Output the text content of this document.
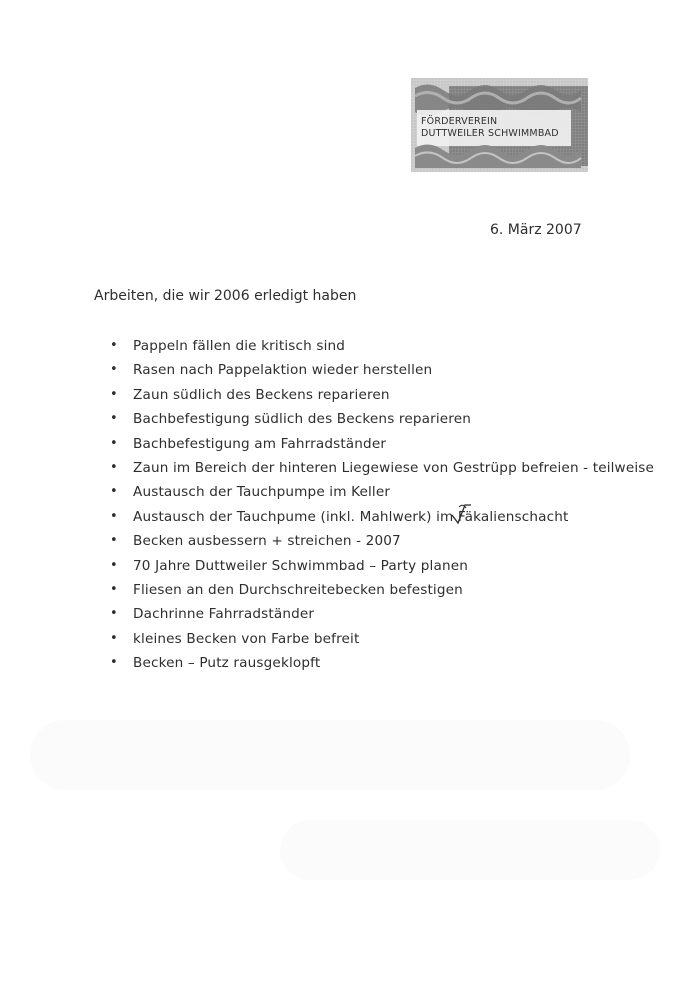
FÖRDERVEREIN
DUTTWEILER SCHWIMMBAD
6. März 2007
Arbeiten, die wir 2006 erledigt haben
• Pappeln fällen die kritisch sind
• Rasen nach Pappelaktion wieder herstellen
• Zaun südlich des Beckens reparieren
• Bachbefestigung südlich des Beckens reparieren
• Bachbefestigung am Fahrradständer
• Zaun im Bereich der hinteren Liegewiese von Gestrüpp befreien - teilweise
• Austausch der Tauchpumpe im Keller
• Austausch der Tauchpume (inkl. Mahlwerk) im Fäkalienschacht
• Becken ausbessern + streichen - 2007
• 70 Jahre Duttweiler Schwimmbad – Party planen
• Fliesen an den Durchschreitebecken befestigen
• Dachrinne Fahrradständer
• kleines Becken von Farbe befreit
• Becken – Putz rausgeklopft
